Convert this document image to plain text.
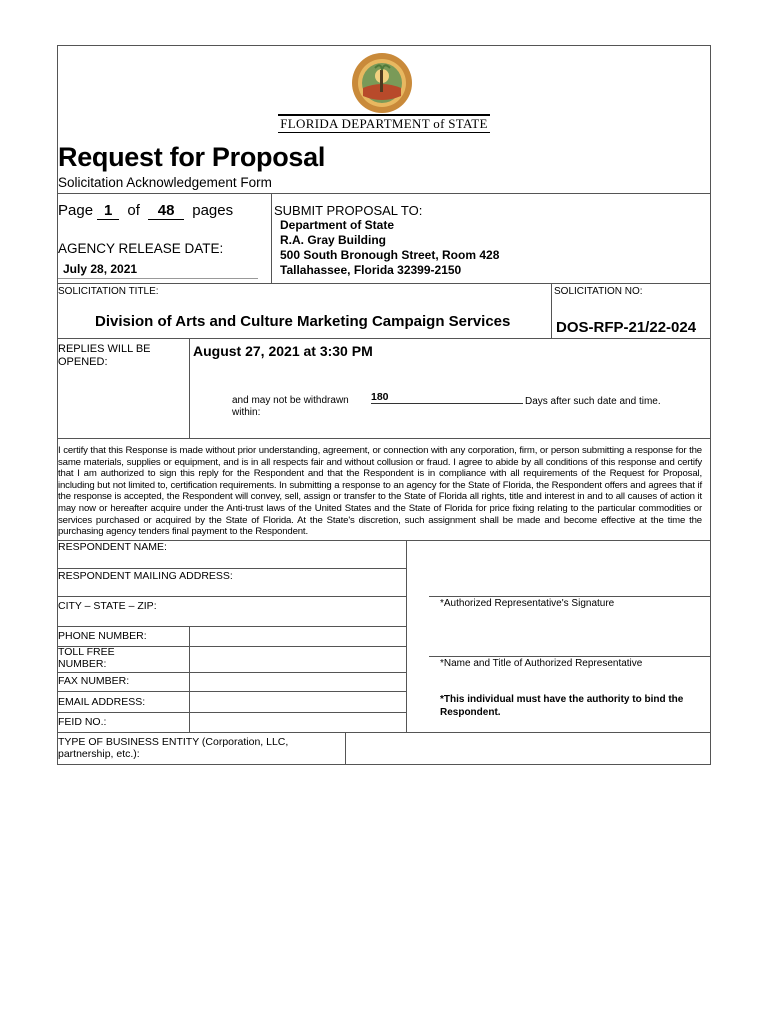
FLORIDA DEPARTMENT of STATE
Request for Proposal
Solicitation Acknowledgement Form
Page 1 of 48 pages	SUBMIT PROPOSAL TO:
Department of State
R.A. Gray Building
500 South Bronough Street, Room 428
Tallahassee, Florida 32399-2150
AGENCY RELEASE DATE:
July 28, 2021
SOLICITATION TITLE:	SOLICITATION NO:
Division of Arts and Culture Marketing Campaign Services	DOS-RFP-21/22-024
REPLIES WILL BE OPENED:
August 27, 2021 at 3:30 PM
and may not be withdrawn within:
180	Days after such date and time.
I certify that this Response is made without prior understanding, agreement, or connection with any corporation, firm, or person submitting a response for the same materials, supplies or equipment, and is in all respects fair and without collusion or fraud. I agree to abide by all conditions of this response and certify that I am authorized to sign this reply for the Respondent and that the Respondent is in compliance with all requirements of the Request for Proposal, including but not limited to, certification requirements. In submitting a response to an agency for the State of Florida, the Respondent offers and agrees that if the response is accepted, the Respondent will convey, sell, assign or transfer to the State of Florida all rights, title and interest in and to all causes of action it may now or hereafter acquire under the Anti-trust laws of the United States and the State of Florida for price fixing relating to the particular commodities or services purchased or acquired by the State of Florida. At the State's discretion, such assignment shall be made and become effective at the time the purchasing agency tenders final payment to the Respondent.
RESPONDENT NAME:
RESPONDENT MAILING ADDRESS:
CITY – STATE – ZIP:
PHONE NUMBER:
TOLL FREE NUMBER:
FAX NUMBER:
EMAIL ADDRESS:
FEID NO.:
TYPE OF BUSINESS ENTITY (Corporation, LLC, partnership, etc.):
*Authorized Representative's Signature
*Name and Title of Authorized Representative
*This individual must have the authority to bind the Respondent.
